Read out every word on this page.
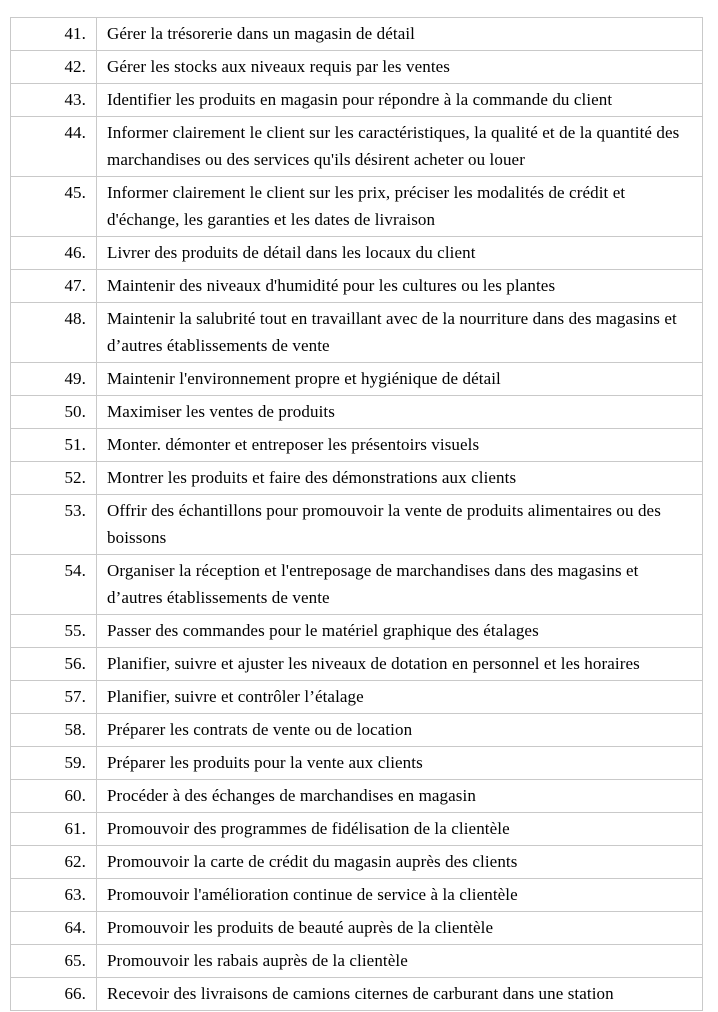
41.	Gérer la trésorerie dans un magasin de détail
42.	Gérer les stocks aux niveaux requis par les ventes
43.	Identifier les produits en magasin pour répondre à la commande du client
44.	Informer clairement le client sur les caractéristiques, la qualité et de la quantité des marchandises ou des services qu'ils désirent acheter ou louer
45.	Informer clairement le client sur les prix, préciser les modalités de crédit et d'échange, les garanties et les dates de livraison
46.	Livrer des produits de détail dans les locaux du client
47.	Maintenir des niveaux d'humidité pour les cultures ou les plantes
48.	Maintenir la salubrité tout en travaillant avec de la nourriture dans des magasins et d’autres établissements de vente
49.	Maintenir l'environnement propre et hygiénique de détail
50.	Maximiser les ventes de produits
51.	Monter. démonter et entreposer les présentoirs visuels
52.	Montrer les produits et faire des démonstrations aux clients
53.	Offrir des échantillons pour promouvoir la vente de produits alimentaires ou des boissons
54.	Organiser la réception et l'entreposage de marchandises dans des magasins et d’autres établissements de vente
55.	Passer des commandes pour le matériel graphique des étalages
56.	Planifier, suivre et ajuster les niveaux de dotation en personnel et les horaires
57.	Planifier, suivre et contrôler l’étalage
58.	Préparer les contrats de vente ou de location
59.	Préparer les produits pour la vente aux clients
60.	Procéder à des échanges de marchandises en magasin
61.	Promouvoir des programmes de fidélisation de la clientèle
62.	Promouvoir la carte de crédit du magasin auprès des clients
63.	Promouvoir l'amélioration continue de service à la clientèle
64.	Promouvoir les produits de beauté auprès de la clientèle
65.	Promouvoir les rabais auprès de la clientèle
66.	Recevoir des livraisons de camions citernes de carburant dans une station
